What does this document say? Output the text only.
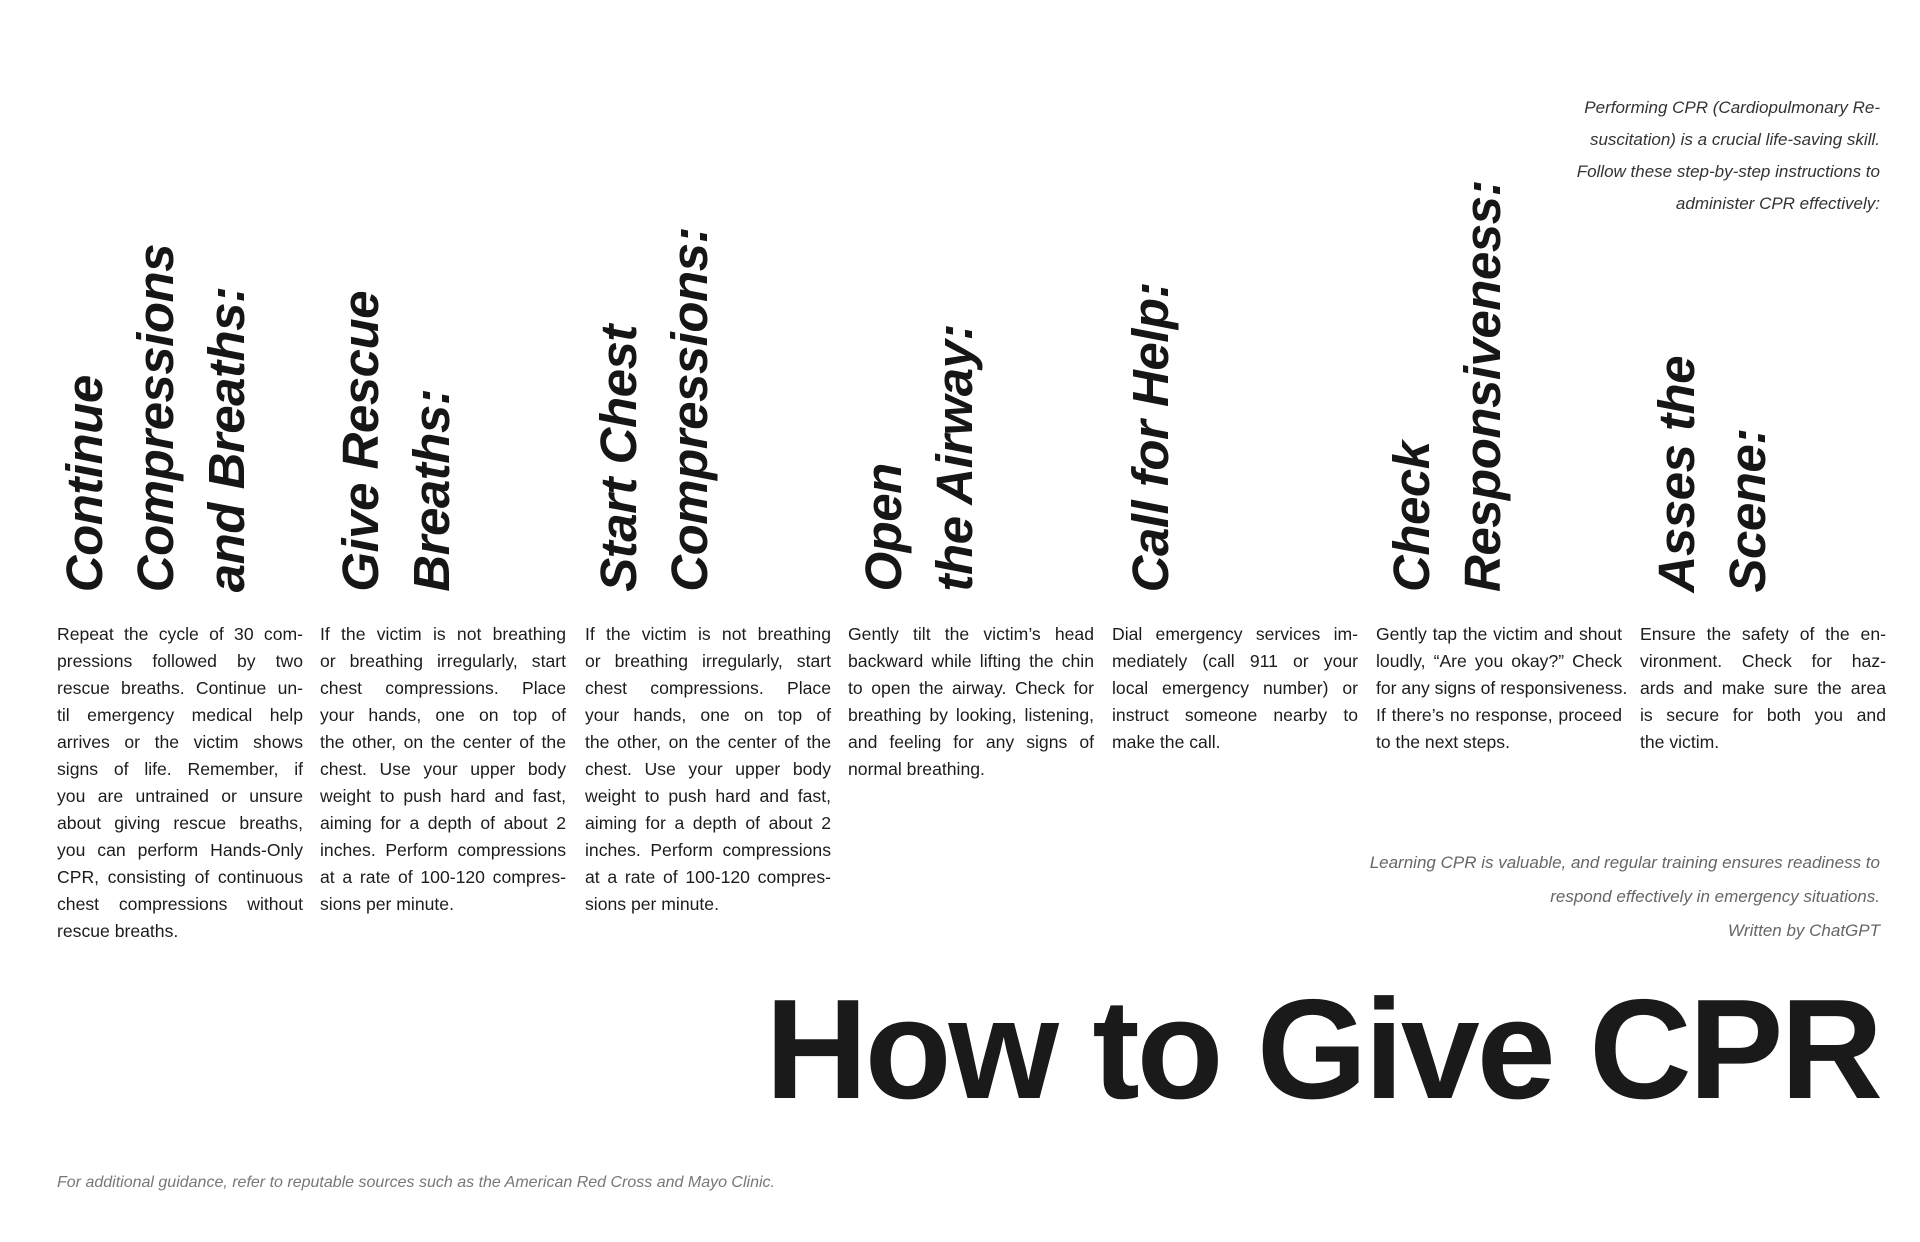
Performing CPR (Cardiopulmonary Re-
suscitation) is a crucial life-saving skill.
Follow these step-by-step instructions to
administer CPR effectively:
Continue Compressions and Breaths:
Repeat the cycle of 30 com-
pressions followed by two
rescue breaths. Continue un-
til emergency medical help
arrives or the victim shows
signs of life. Remember, if
you are untrained or unsure
about giving rescue breaths,
you can perform Hands-Only
CPR, consisting of continuous
chest compressions without
rescue breaths.
Give Rescue Breaths:
If the victim is not breathing
or breathing irregularly, start
chest compressions. Place
your hands, one on top of
the other, on the center of the
chest. Use your upper body
weight to push hard and fast,
aiming for a depth of about 2
inches. Perform compressions
at a rate of 100-120 compres-
sions per minute.
Start Chest Compressions:
If the victim is not breathing
or breathing irregularly, start
chest compressions. Place
your hands, one on top of
the other, on the center of the
chest. Use your upper body
weight to push hard and fast,
aiming for a depth of about 2
inches. Perform compressions
at a rate of 100-120 compres-
sions per minute.
Open the Airway:
Gently tilt the victim’s head
backward while lifting the chin
to open the airway. Check for
breathing by looking, listening,
and feeling for any signs of
normal breathing.
Call for Help:
Dial emergency services im-
mediately (call 911 or your
local emergency number) or
instruct someone nearby to
make the call.
Check Responsiveness:
Gently tap the victim and shout
loudly, “Are you okay?” Check
for any signs of responsiveness.
If there’s no response, proceed
to the next steps.
Asses the Scene:
Ensure the safety of the en-
vironment. Check for haz-
ards and make sure the area
is secure for both you and
the victim.
Learning CPR is valuable, and regular training ensures readiness to
respond effectively in emergency situations.
Written by ChatGPT
How to Give CPR

For additional guidance, refer to reputable sources such as the American Red Cross and Mayo Clinic.
